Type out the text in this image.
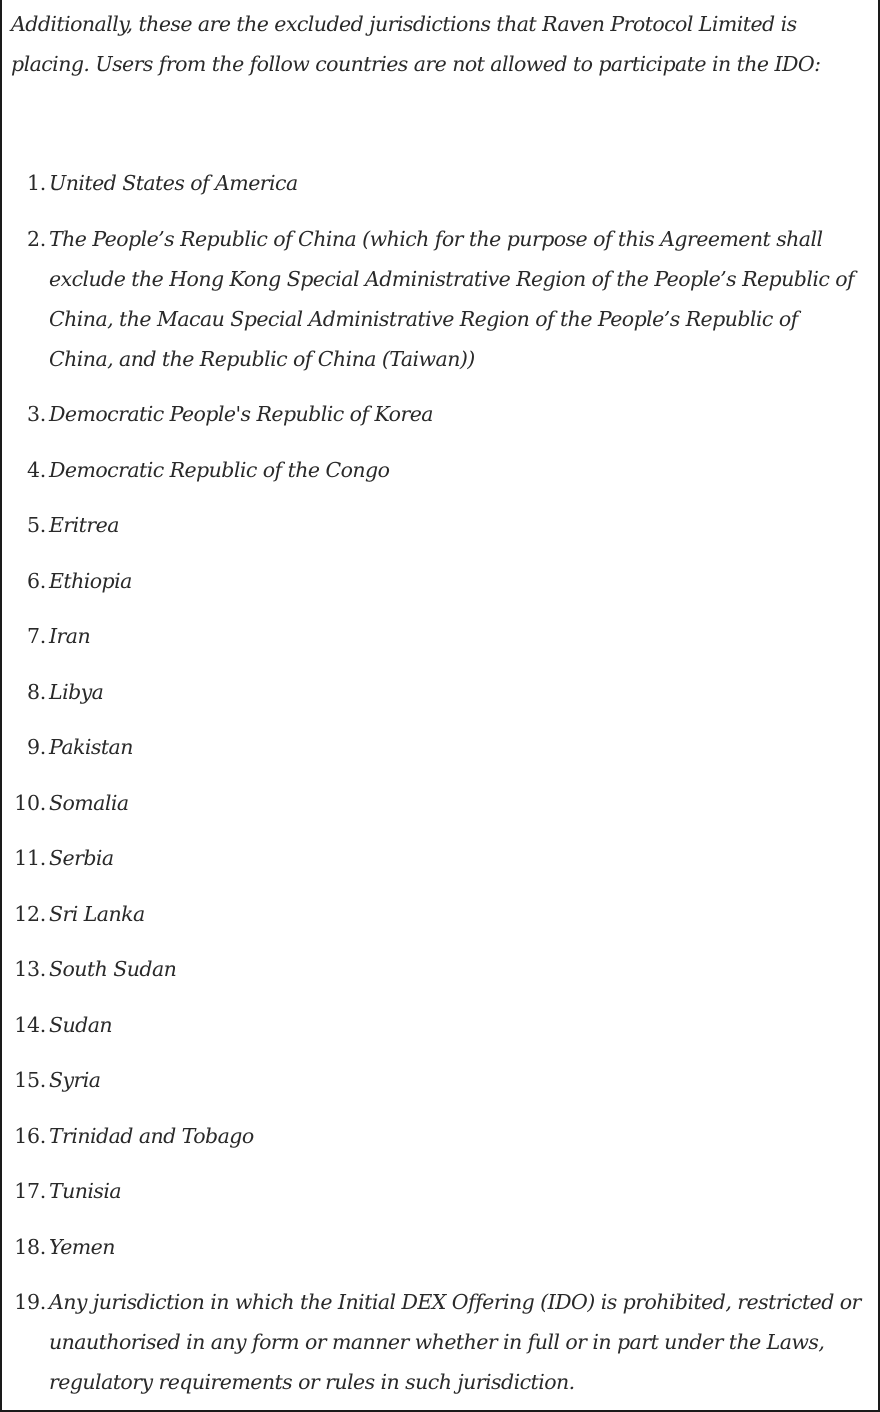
Additionally, these are the excluded jurisdictions that Raven Protocol Limited is placing. Users from the follow countries are not allowed to participate in the IDO:

1. United States of America
2. The People’s Republic of China (which for the purpose of this Agreement shall exclude the Hong Kong Special Administrative Region of the People’s Republic of China, the Macau Special Administrative Region of the People’s Republic of China, and the Republic of China (Taiwan))
3. Democratic People's Republic of Korea
4. Democratic Republic of the Congo
5. Eritrea
6. Ethiopia
7. Iran
8. Libya
9. Pakistan
10. Somalia
11. Serbia
12. Sri Lanka
13. South Sudan
14. Sudan
15. Syria
16. Trinidad and Tobago
17. Tunisia
18. Yemen
19. Any jurisdiction in which the Initial DEX Offering (IDO) is prohibited, restricted or unauthorised in any form or manner whether in full or in part under the Laws, regulatory requirements or rules in such jurisdiction.
